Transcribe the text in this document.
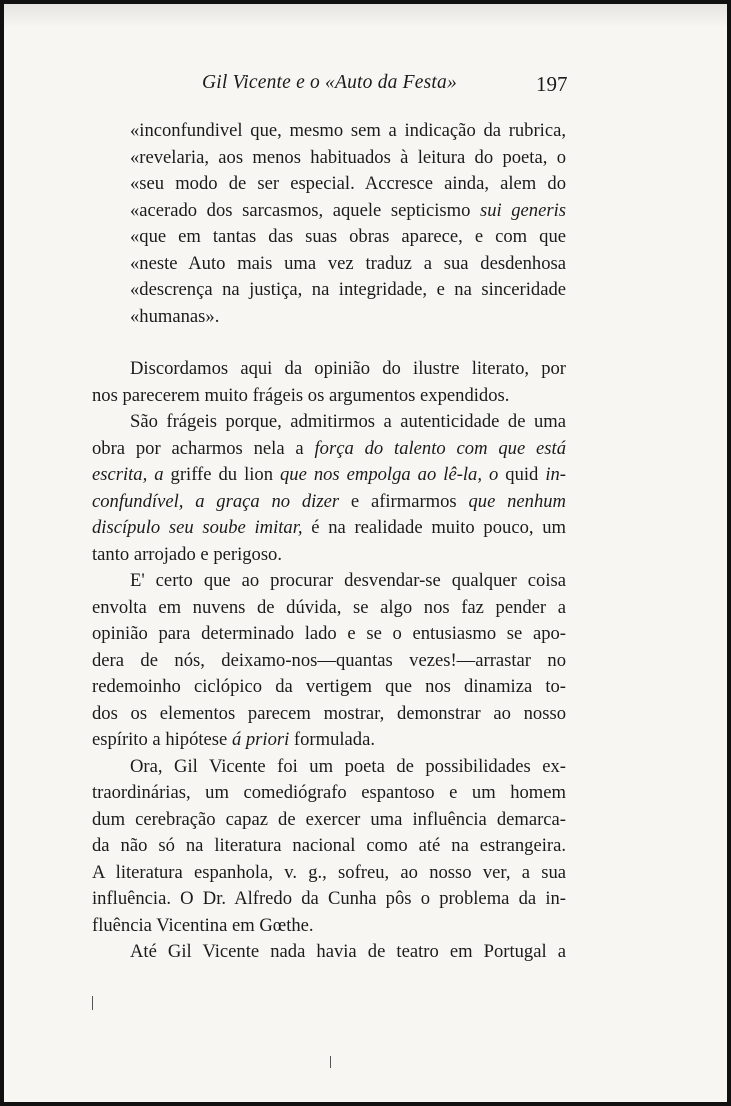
Gil Vicente e o «Auto da Festa»	197
«inconfundivel que, mesmo sem a indicação da rubrica,
«revelaria, aos menos habituados à leitura do poeta, o
«seu modo de ser especial. Accresce ainda, alem do
«acerado dos sarcasmos, aquele septicismo sui generis
«que em tantas das suas obras aparece, e com que
«neste Auto mais uma vez traduz a sua desdenhosa
«descrença na justiça, na integridade, e na sinceridade
«humanas».
Discordamos aqui da opinião do ilustre literato, por
nos parecerem muito frágeis os argumentos expendidos.
São frágeis porque, admitirmos a autenticidade de uma
obra por acharmos nela a força do talento com que está
escrita, a griffe du lion que nos empolga ao lê-la, o quid in-
confundível, a graça no dizer e afirmarmos que nenhum
discípulo seu soube imitar, é na realidade muito pouco, um
tanto arrojado e perigoso.
E' certo que ao procurar desvendar-se qualquer coisa
envolta em nuvens de dúvida, se algo nos faz pender a
opinião para determinado lado e se o entusiasmo se apo-
dera de nós, deixamo-nos—quantas vezes!—arrastar no
redemoinho ciclópico da vertigem que nos dinamiza to-
dos os elementos parecem mostrar, demonstrar ao nosso
espírito a hipótese á priori formulada.
Ora, Gil Vicente foi um poeta de possibilidades ex-
traordinárias, um comediógrafo espantoso e um homem
dum cerebração capaz de exercer uma influência demarca-
da não só na literatura nacional como até na estrangeira.
A literatura espanhola, v. g., sofreu, ao nosso ver, a sua
influência. O Dr. Alfredo da Cunha pôs o problema da in-
fluência Vicentina em Gœthe.
Até Gil Vicente nada havia de teatro em Portugal a
